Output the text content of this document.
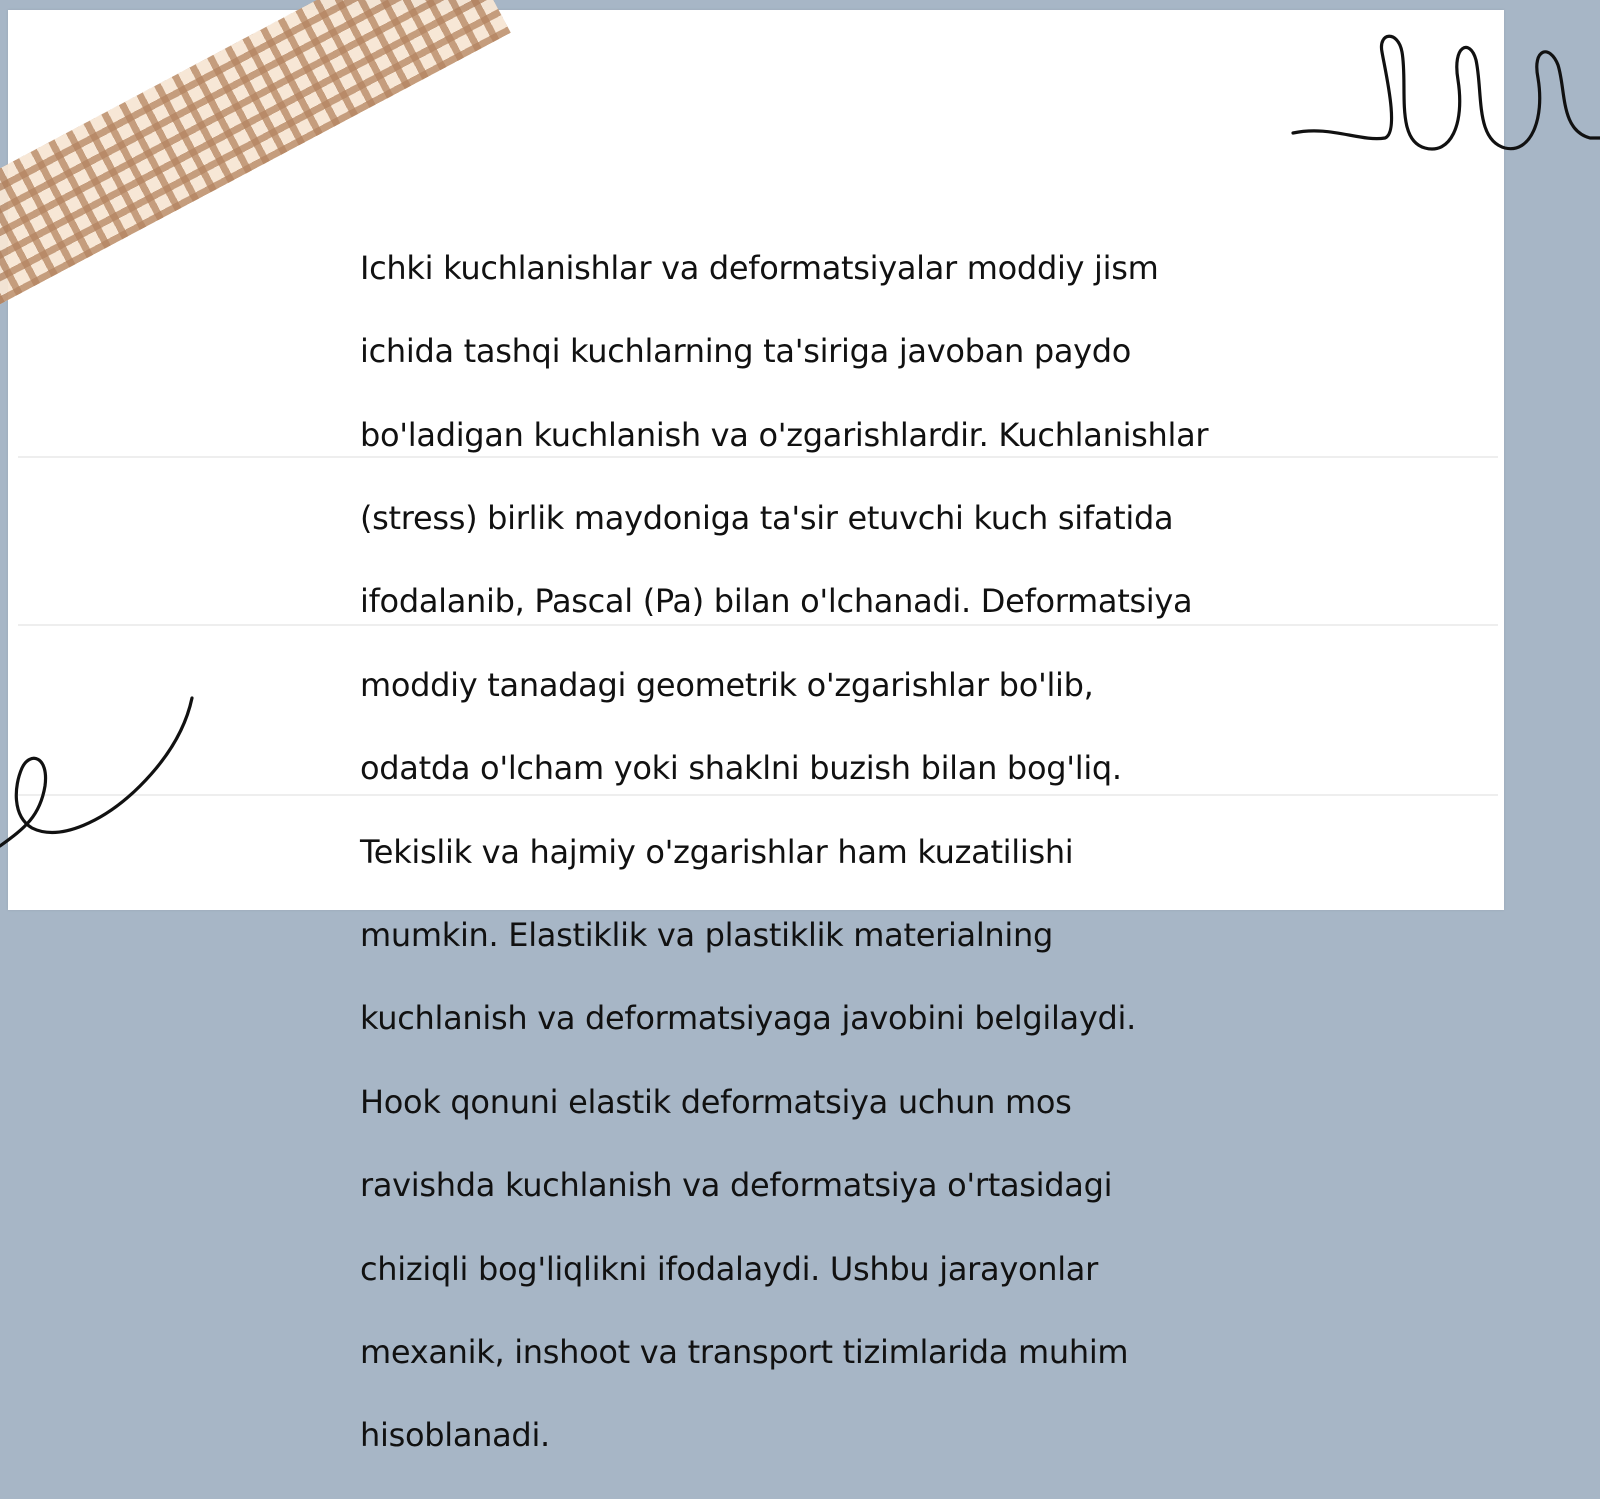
Ichki kuchlanishlar va deformatsiyalar moddiy jism

ichida tashqi kuchlarning ta'siriga javoban paydo

bo'ladigan kuchlanish va o'zgarishlardir. Kuchlanishlar

(stress) birlik maydoniga ta'sir etuvchi kuch sifatida

ifodalanib, Pascal (Pa) bilan o'lchanadi. Deformatsiya

moddiy tanadagi geometrik o'zgarishlar bo'lib,

odatda o'lcham yoki shaklni buzish bilan bog'liq.

Tekislik va hajmiy o'zgarishlar ham kuzatilishi

mumkin. Elastiklik va plastiklik materialning

kuchlanish va deformatsiyaga javobini belgilaydi.

Hook qonuni elastik deformatsiya uchun mos

ravishda kuchlanish va deformatsiya o'rtasidagi

chiziqli bog'liqlikni ifodalaydi. Ushbu jarayonlar

mexanik, inshoot va transport tizimlarida muhim

hisoblanadi.
